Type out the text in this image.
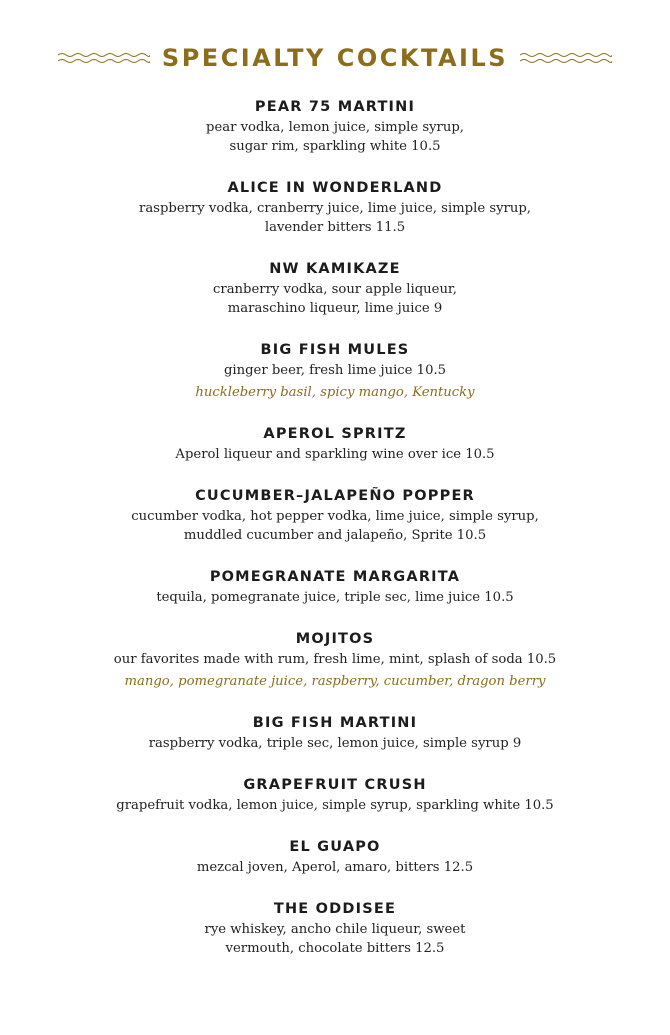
SPECIALTY COCKTAILS
PEAR 75 MARTINI
pear vodka, lemon juice, simple syrup,
sugar rim, sparkling white 10.5
ALICE IN WONDERLAND
raspberry vodka, cranberry juice, lime juice, simple syrup,
lavender bitters 11.5
NW KAMIKAZE
cranberry vodka, sour apple liqueur,
maraschino liqueur, lime juice 9
BIG FISH MULES
ginger beer, fresh lime juice 10.5
huckleberry basil, spicy mango, Kentucky
APEROL SPRITZ
Aperol liqueur and sparkling wine over ice 10.5
CUCUMBER–JALAPEÑO POPPER
cucumber vodka, hot pepper vodka, lime juice, simple syrup,
muddled cucumber and jalapeño, Sprite 10.5
POMEGRANATE MARGARITA
tequila, pomegranate juice, triple sec, lime juice 10.5
MOJITOS
our favorites made with rum, fresh lime, mint, splash of soda 10.5
mango, pomegranate juice, raspberry, cucumber, dragon berry
BIG FISH MARTINI
raspberry vodka, triple sec, lemon juice, simple syrup 9
GRAPEFRUIT CRUSH
grapefruit vodka, lemon juice, simple syrup, sparkling white 10.5
EL GUAPO
mezcal joven, Aperol, amaro, bitters 12.5
THE ODDISEE
rye whiskey, ancho chile liqueur, sweet
vermouth, chocolate bitters 12.5
